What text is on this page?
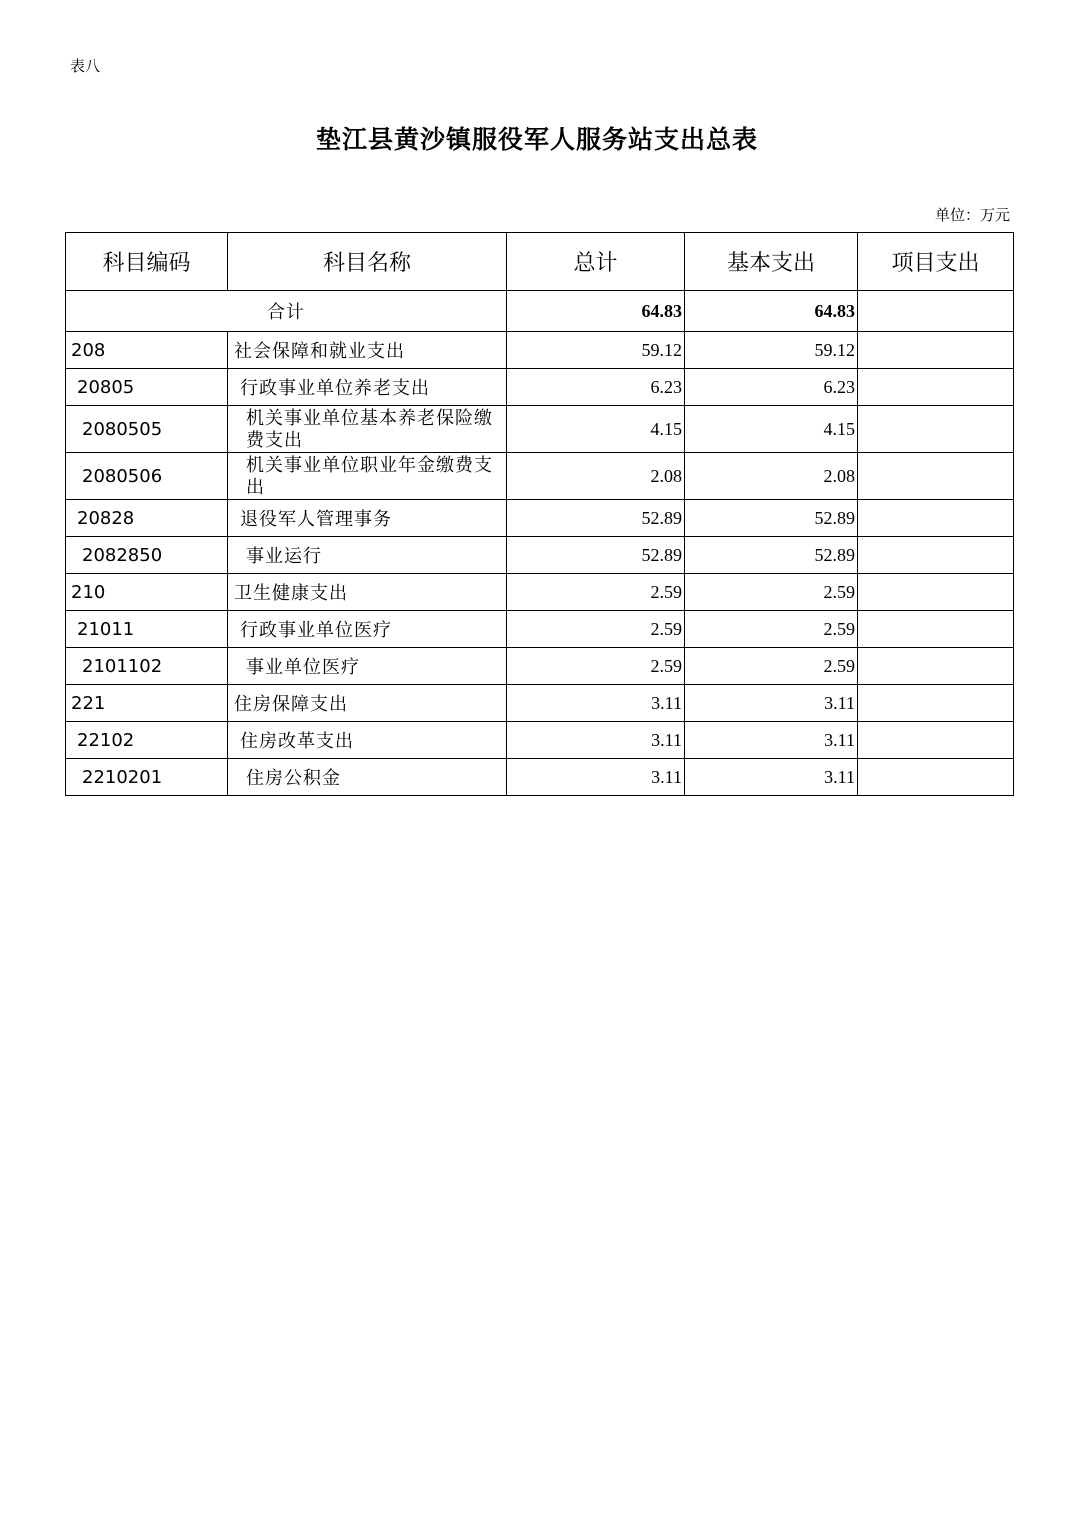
表八
垫江县黄沙镇服役军人服务站支出总表
单位：万元
科目编码	科目名称	总计	基本支出	项目支出
合计		64.83	64.83	
208	社会保障和就业支出	59.12	59.12	
20805	行政事业单位养老支出	6.23	6.23	
2080505	机关事业单位基本养老保险缴费支出	4.15	4.15	
2080506	机关事业单位职业年金缴费支出	2.08	2.08	
20828	退役军人管理事务	52.89	52.89	
2082850	事业运行	52.89	52.89	
210	卫生健康支出	2.59	2.59	
21011	行政事业单位医疗	2.59	2.59	
2101102	事业单位医疗	2.59	2.59	
221	住房保障支出	3.11	3.11	
22102	住房改革支出	3.11	3.11	
2210201	住房公积金	3.11	3.11	
